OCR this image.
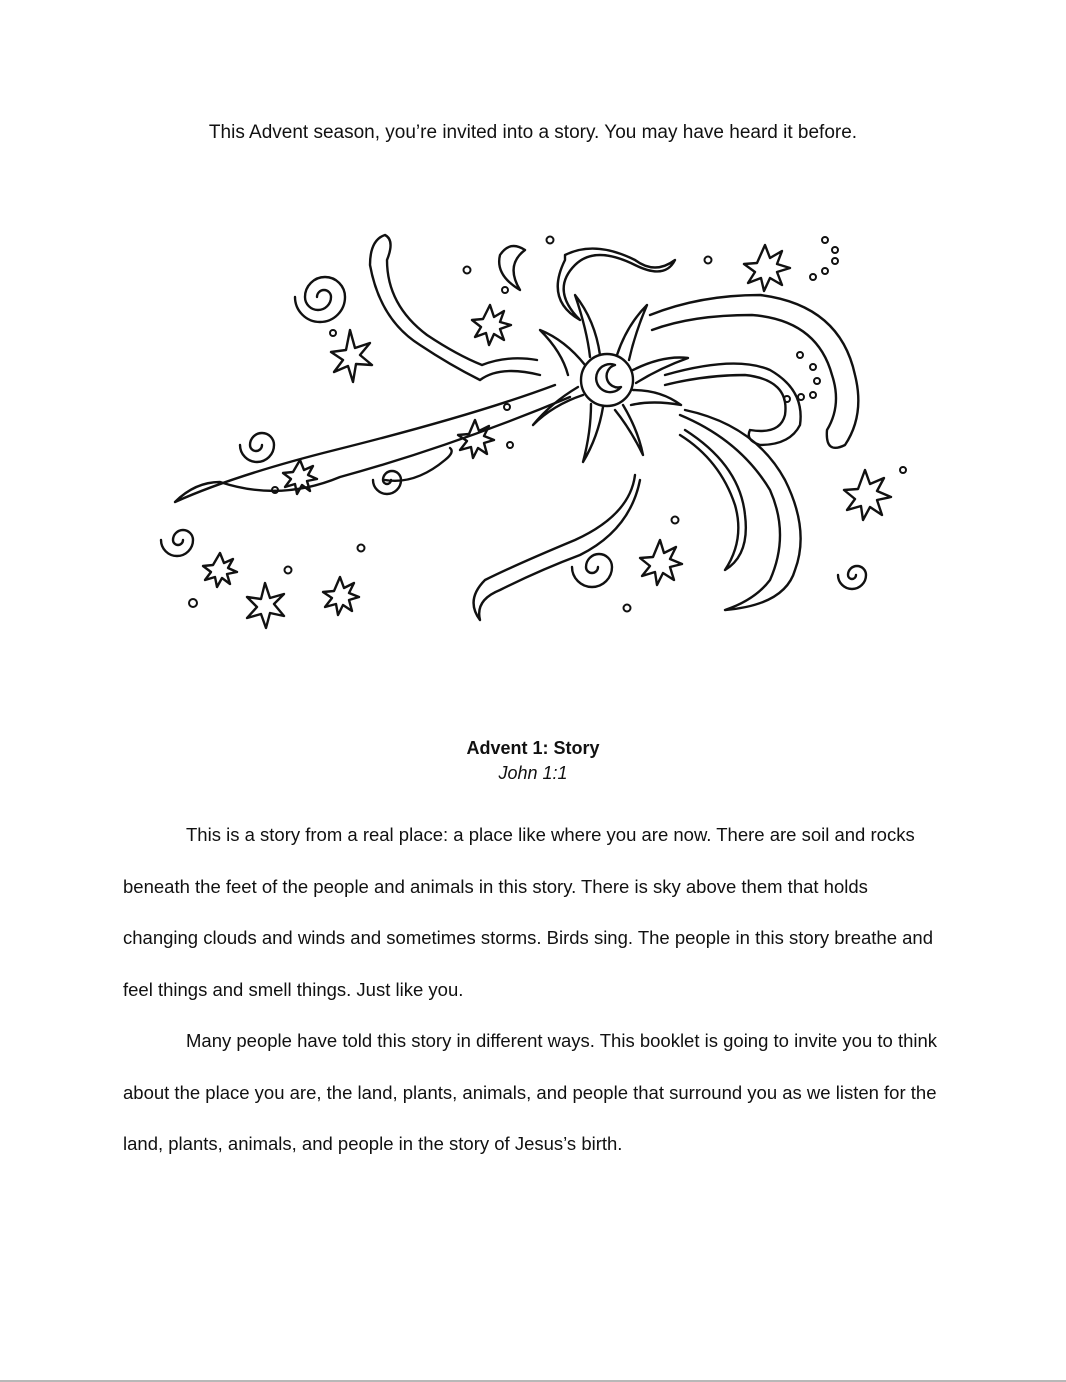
This Advent season, you’re invited into a story. You may have heard it before.
Advent 1: Story
John 1:1

This is a story from a real place: a place like where you are now. There are soil and rocks beneath the feet of the people and animals in this story. There is sky above them that holds changing clouds and winds and sometimes storms. Birds sing. The people in this story breathe and feel things and smell things. Just like you.

Many people have told this story in different ways. This booklet is going to invite you to think about the place you are, the land, plants, animals, and people that surround you as we listen for the land, plants, animals, and people in the story of Jesus’s birth.
